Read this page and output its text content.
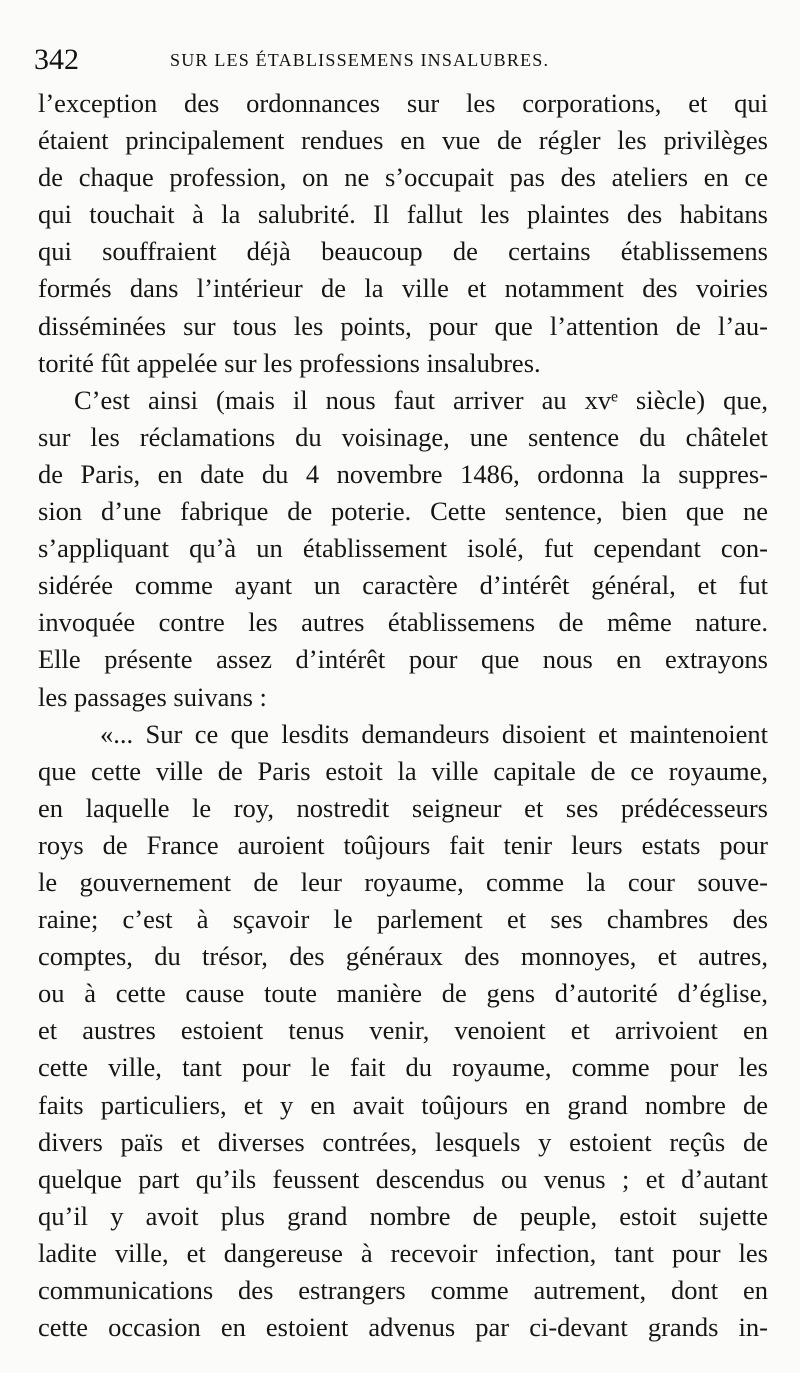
342	SUR LES ÉTABLISSEMENS INSALUBRES.
l’exception des ordonnances sur les corporations, et qui
étaient principalement rendues en vue de régler les privilèges
de chaque profession, on ne s’occupait pas des ateliers en ce
qui touchait à la salubrité. Il fallut les plaintes des habitans
qui souffraient déjà beaucoup de certains établissemens
formés dans l’intérieur de la ville et notamment des voiries
disséminées sur tous les points, pour que l’attention de l’au-
torité fût appelée sur les professions insalubres.
C’est ainsi (mais il nous faut arriver au xvᵉ siècle) que,
sur les réclamations du voisinage, une sentence du châtelet
de Paris, en date du 4 novembre 1486, ordonna la suppres-
sion d’une fabrique de poterie. Cette sentence, bien que ne
s’appliquant qu’à un établissement isolé, fut cependant con-
sidérée comme ayant un caractère d’intérêt général, et fut
invoquée contre les autres établissemens de même nature.
Elle présente assez d’intérêt pour que nous en extrayons
les passages suivans :
«... Sur ce que lesdits demandeurs disoient et maintenoient
que cette ville de Paris estoit la ville capitale de ce royaume,
en laquelle le roy, nostredit seigneur et ses prédécesseurs
roys de France auroient toûjours fait tenir leurs estats pour
le gouvernement de leur royaume, comme la cour souve-
raine; c’est à sçavoir le parlement et ses chambres des
comptes, du trésor, des généraux des monnoyes, et autres,
ou à cette cause toute manière de gens d’autorité d’église,
et austres estoient tenus venir, venoient et arrivoient en
cette ville, tant pour le fait du royaume, comme pour les
faits particuliers, et y en avait toûjours en grand nombre de
divers païs et diverses contrées, lesquels y estoient reçûs de
quelque part qu’ils feussent descendus ou venus ; et d’autant
qu’il y avoit plus grand nombre de peuple, estoit sujette
ladite ville, et dangereuse à recevoir infection, tant pour les
communications des estrangers comme autrement, dont en
cette occasion en estoient advenus par ci-devant grands in-
